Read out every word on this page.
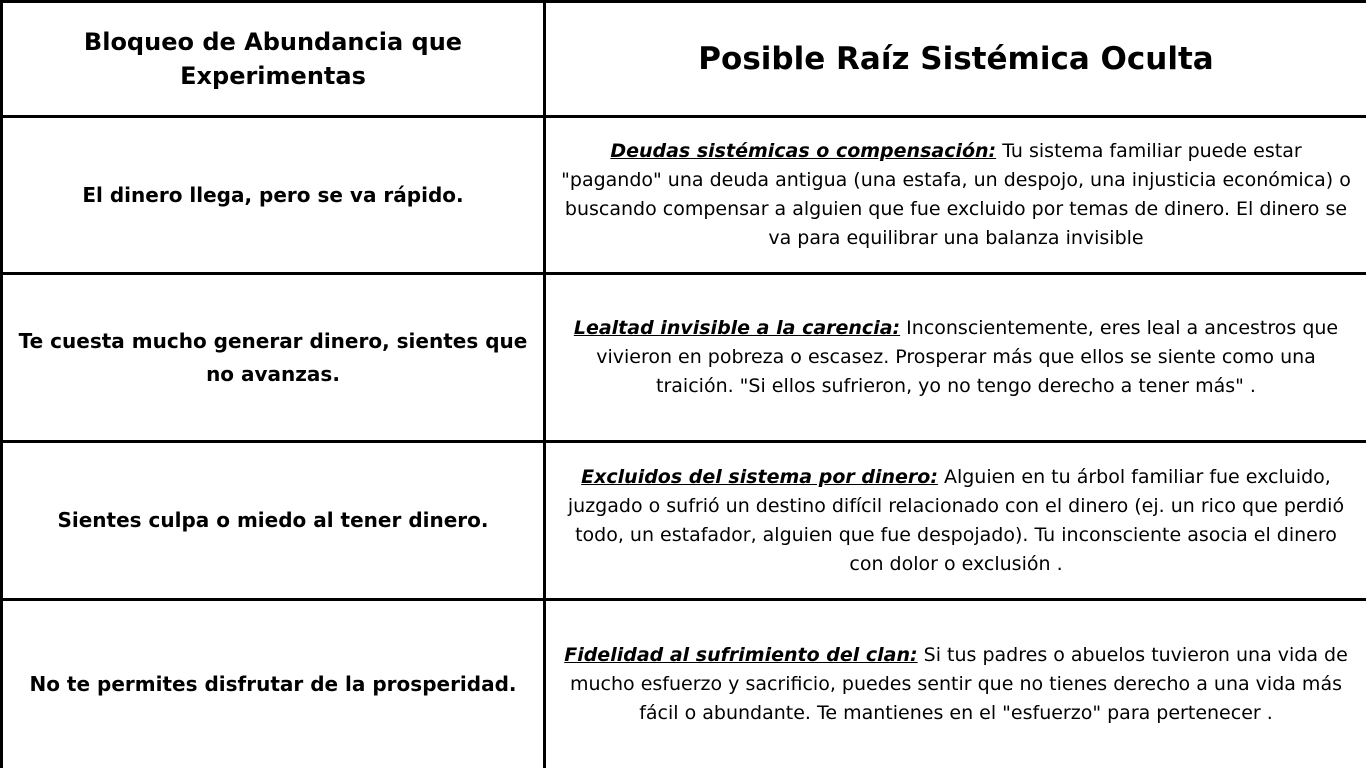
Bloqueo de Abundancia que Experimentas	Posible Raíz Sistémica Oculta
El dinero llega, pero se va rápido.	Deudas sistémicas o compensación: Tu sistema familiar puede estar "pagando" una deuda antigua (una estafa, un despojo, una injusticia económica) o buscando compensar a alguien que fue excluido por temas de dinero. El dinero se va para equilibrar una balanza invisible
Te cuesta mucho generar dinero, sientes que no avanzas.	Lealtad invisible a la carencia: Inconscientemente, eres leal a ancestros que vivieron en pobreza o escasez. Prosperar más que ellos se siente como una traición. "Si ellos sufrieron, yo no tengo derecho a tener más" .
Sientes culpa o miedo al tener dinero.	Excluidos del sistema por dinero: Alguien en tu árbol familiar fue excluido, juzgado o sufrió un destino difícil relacionado con el dinero (ej. un rico que perdió todo, un estafador, alguien que fue despojado). Tu inconsciente asocia el dinero con dolor o exclusión .
No te permites disfrutar de la prosperidad.	Fidelidad al sufrimiento del clan: Si tus padres o abuelos tuvieron una vida de mucho esfuerzo y sacrificio, puedes sentir que no tienes derecho a una vida más fácil o abundante. Te mantienes en el "esfuerzo" para pertenecer .
